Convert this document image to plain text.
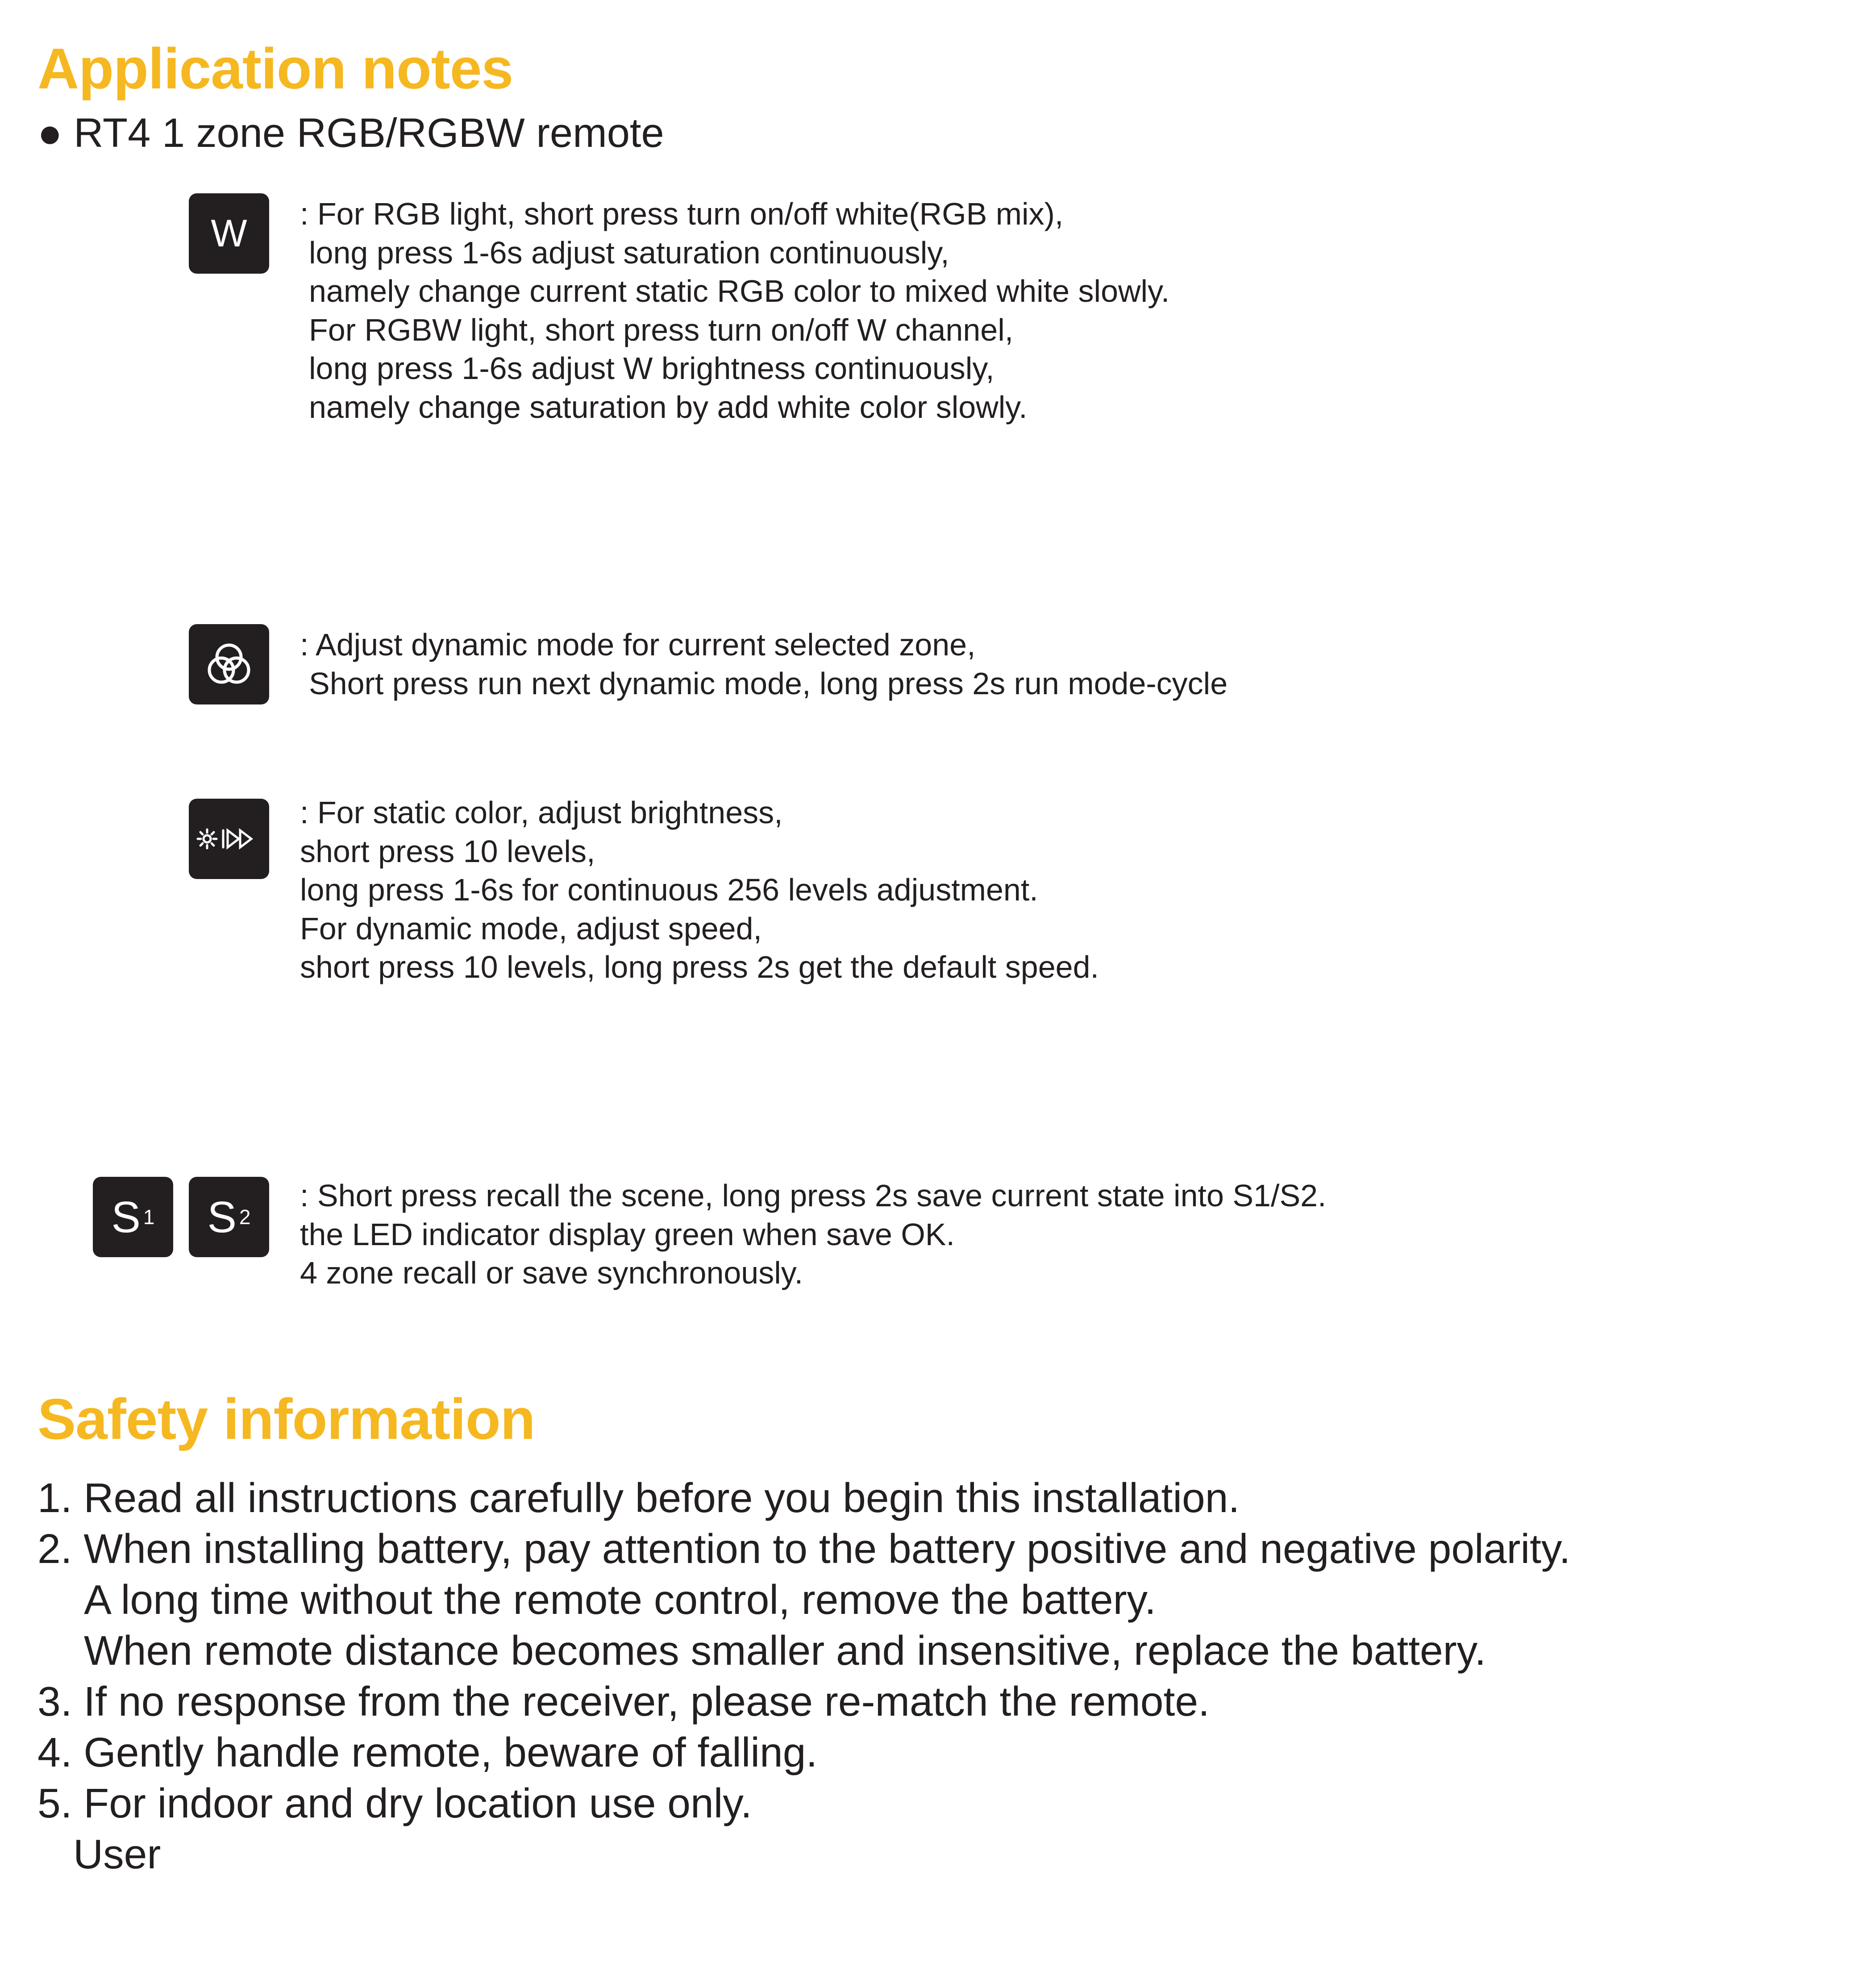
Application notes
● RT4 1 zone RGB/RGBW remote
W : For RGB light, short press turn on/off white(RGB mix),
long press 1-6s adjust saturation continuously,
namely change current static RGB color to mixed white slowly.
For RGBW light, short press turn on/off W channel,
long press 1-6s adjust W brightness continuously,
namely change saturation by add white color slowly.
: Adjust dynamic mode for current selected zone,
Short press run next dynamic mode, long press 2s run mode-cycle
: For static color, adjust brightness,
short press 10 levels,
long press 1-6s for continuous 256 levels adjustment.
For dynamic mode, adjust speed,
short press 10 levels, long press 2s get the default speed.
S 1 S 2
: Short press recall the scene, long press 2s save current state into S1/S2.
the LED indicator display green when save OK.
4 zone recall or save synchronously.
Safety information
1. Read all instructions carefully before you begin this installation.
2. When installing battery, pay attention to the battery positive and negative polarity.
A long time without the remote control, remove the battery.
When remote distance becomes smaller and insensitive, replace the battery.
3. If no response from the receiver, please re-match the remote.
4. Gently handle remote, beware of falling.
5. For indoor and dry location use only.
User
